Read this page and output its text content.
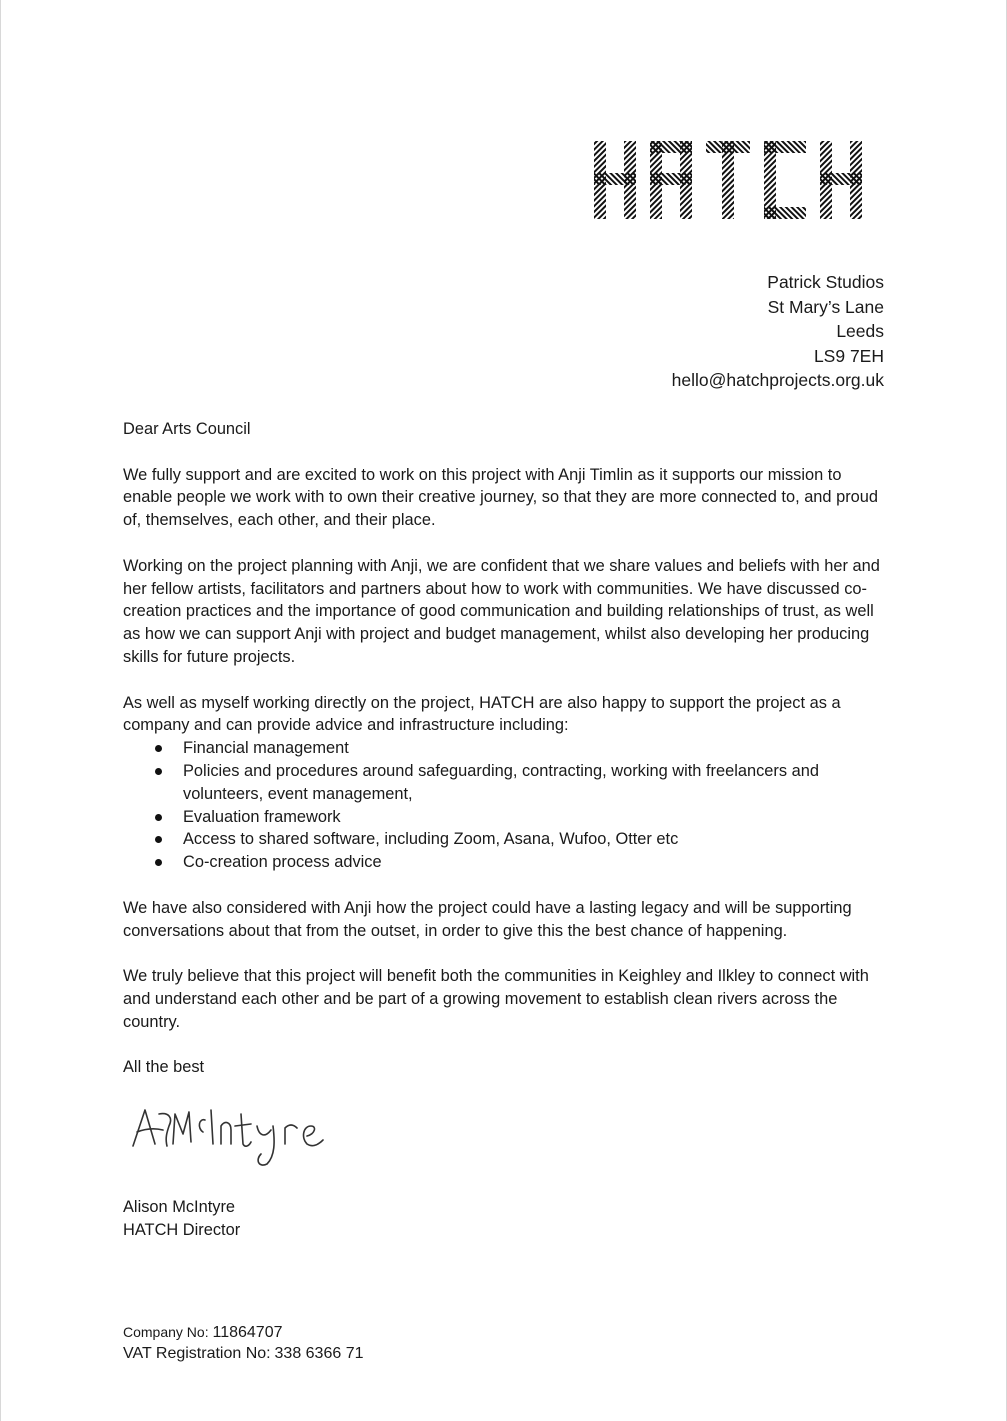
Patrick Studios
St Mary’s Lane
Leeds
LS9 7EH
hello@hatchprojects.org.uk

Dear Arts Council

We fully support and are excited to work on this project with Anji Timlin as it supports our mission to enable people we work with to own their creative journey, so that they are more connected to, and proud of, themselves, each other, and their place.

Working on the project planning with Anji, we are confident that we share values and beliefs with her and her fellow artists, facilitators and partners about how to work with communities. We have discussed co-creation practices and the importance of good communication and building relationships of trust, as well as how we can support Anji with project and budget management, whilst also developing her producing skills for future projects.

As well as myself working directly on the project, HATCH are also happy to support the project as a company and can provide advice and infrastructure including:

Financial management
Policies and procedures around safeguarding, contracting, working with freelancers and volunteers, event management,
Evaluation framework
Access to shared software, including Zoom, Asana, Wufoo, Otter etc
Co-creation process advice

We have also considered with Anji how the project could have a lasting legacy and will be supporting conversations about that from the outset, in order to give this the best chance of happening.

We truly believe that this project will benefit both the communities in Keighley and Ilkley to connect with and understand each other and be part of a growing movement to establish clean rivers across the country.

All the best

Alison McIntyre
HATCH Director
Company No: 11864707
VAT Registration No: 338 6366 71
